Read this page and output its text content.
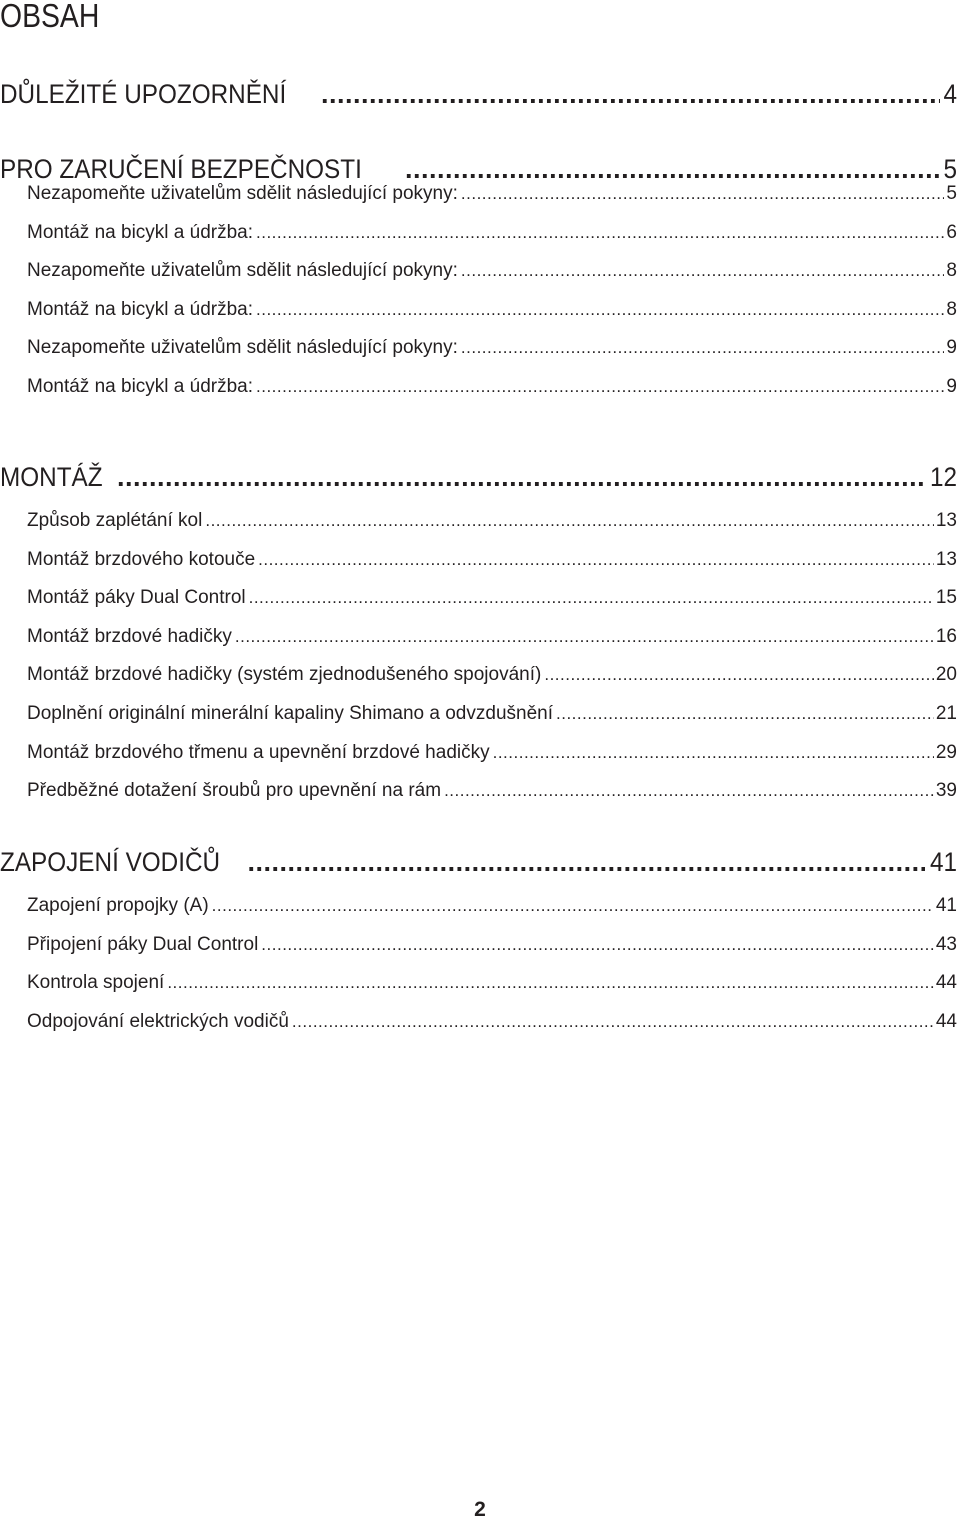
OBSAH
DŮLEŽITÉ UPOZORNĚNÍ .....	4
PRO ZARUČENÍ BEZPEČNOSTI .....	5
Nezapomeňte uživatelům sdělit následující pokyny: .....	5
Montáž na bicykl a údržba: .....	6
Nezapomeňte uživatelům sdělit následující pokyny: .....	8
Montáž na bicykl a údržba: .....	8
Nezapomeňte uživatelům sdělit následující pokyny: .....	9
Montáž na bicykl a údržba: .....	9
MONTÁŽ .....	12
Způsob zaplétání kol .....	13
Montáž brzdového kotouče .....	13
Montáž páky Dual Control .....	15
Montáž brzdové hadičky .....	16
Montáž brzdové hadičky (systém zjednodušeného spojování) .....	20
Doplnění originální minerální kapaliny Shimano a odvzdušnění .....	21
Montáž brzdového třmenu a upevnění brzdové hadičky .....	29
Předběžné dotažení šroubů pro upevnění na rám .....	39
ZAPOJENÍ VODIČŮ .....	41
Zapojení propojky (A) .....	41
Připojení páky Dual Control .....	43
Kontrola spojení .....	44
Odpojování elektrických vodičů .....	44
2
